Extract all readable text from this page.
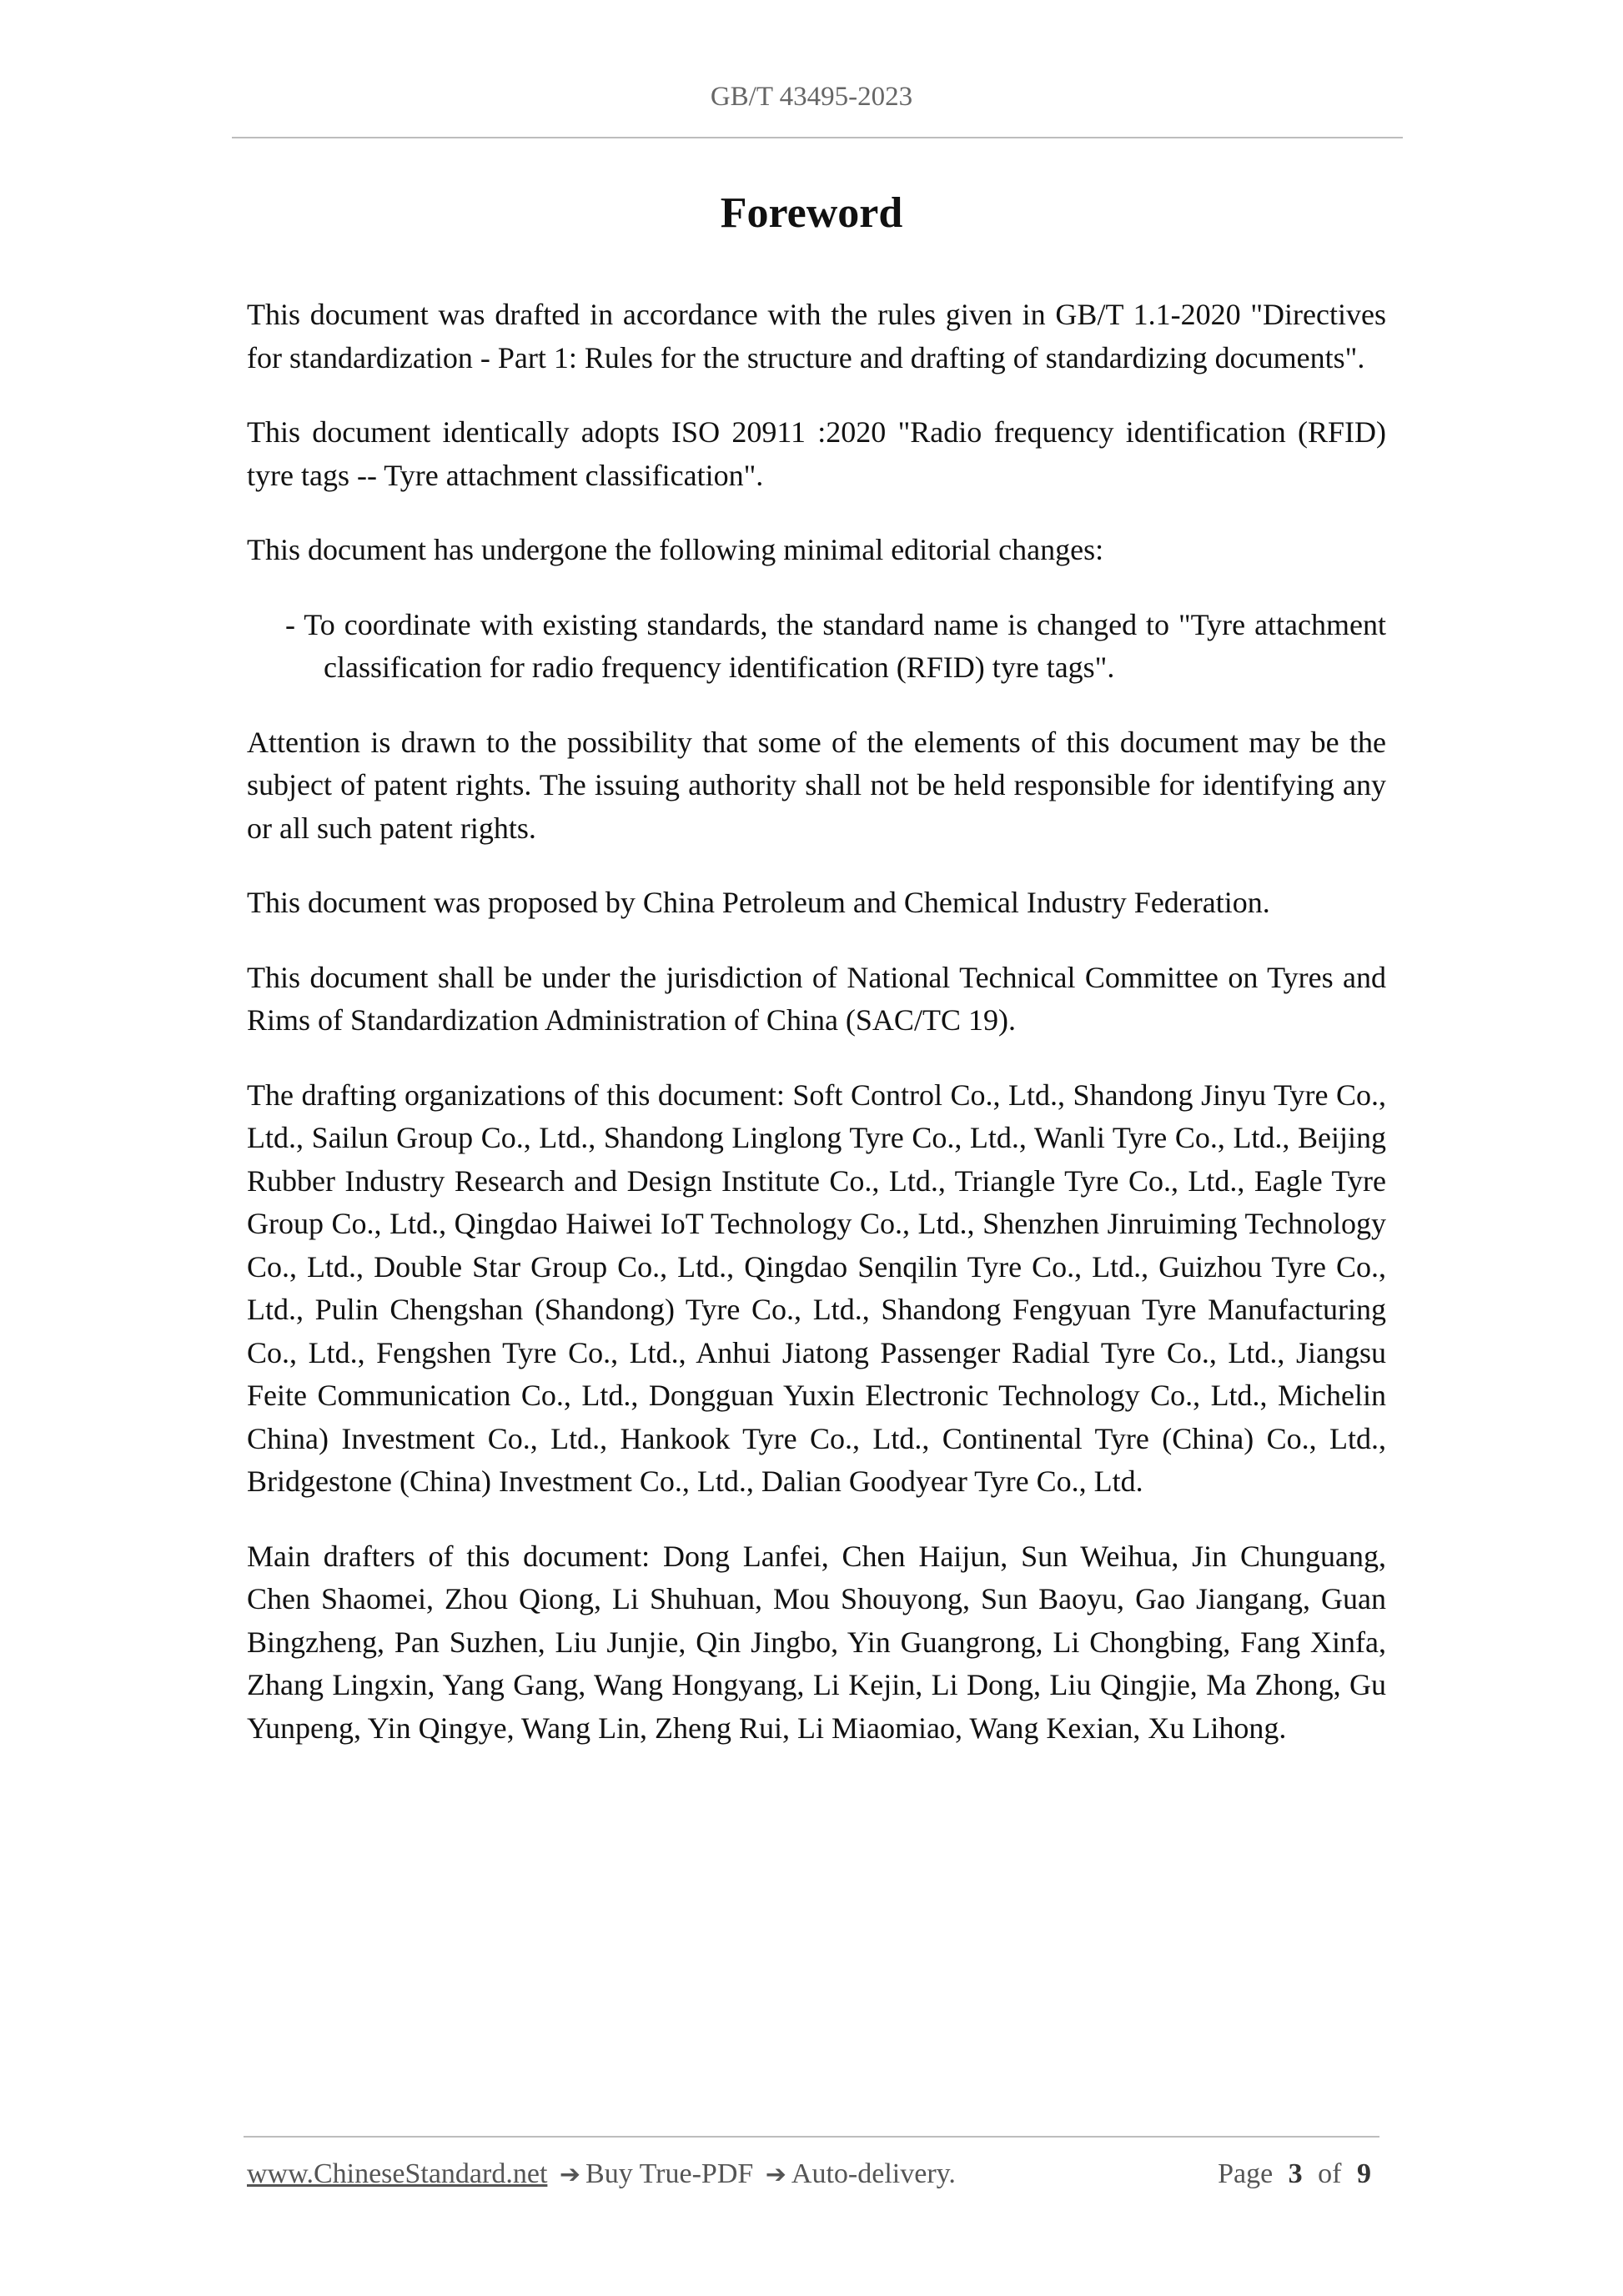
GB/T 43495-2023
Foreword

This document was drafted in accordance with the rules given in GB/T 1.1-2020 "Directives for standardization - Part 1: Rules for the structure and drafting of standardizing documents".

This document identically adopts ISO 20911 :2020 "Radio frequency identification (RFID) tyre tags -- Tyre attachment classification".

This document has undergone the following minimal editorial changes:

- To coordinate with existing standards, the standard name is changed to "Tyre attachment classification for radio frequency identification (RFID) tyre tags".

Attention is drawn to the possibility that some of the elements of this document may be the subject of patent rights. The issuing authority shall not be held responsible for identifying any or all such patent rights.

This document was proposed by China Petroleum and Chemical Industry Federation.

This document shall be under the jurisdiction of National Technical Committee on Tyres and Rims of Standardization Administration of China (SAC/TC 19).

The drafting organizations of this document: Soft Control Co., Ltd., Shandong Jinyu Tyre Co., Ltd., Sailun Group Co., Ltd., Shandong Linglong Tyre Co., Ltd., Wanli Tyre Co., Ltd., Beijing Rubber Industry Research and Design Institute Co., Ltd., Triangle Tyre Co., Ltd., Eagle Tyre Group Co., Ltd., Qingdao Haiwei IoT Technology Co., Ltd., Shenzhen Jinruiming Technology Co., Ltd., Double Star Group Co., Ltd., Qingdao Senqilin Tyre Co., Ltd., Guizhou Tyre Co., Ltd., Pulin Chengshan (Shandong) Tyre Co., Ltd., Shandong Fengyuan Tyre Manufacturing Co., Ltd., Fengshen Tyre Co., Ltd., Anhui Jiatong Passenger Radial Tyre Co., Ltd., Jiangsu Feite Communication Co., Ltd., Dongguan Yuxin Electronic Technology Co., Ltd., Michelin China) Investment Co., Ltd., Hankook Tyre Co., Ltd., Continental Tyre (China) Co., Ltd., Bridgestone (China) Investment Co., Ltd., Dalian Goodyear Tyre Co., Ltd.

Main drafters of this document: Dong Lanfei, Chen Haijun, Sun Weihua, Jin Chunguang, Chen Shaomei, Zhou Qiong, Li Shuhuan, Mou Shouyong, Sun Baoyu, Gao Jiangang, Guan Bingzheng, Pan Suzhen, Liu Junjie, Qin Jingbo, Yin Guangrong, Li Chongbing, Fang Xinfa, Zhang Lingxin, Yang Gang, Wang Hongyang, Li Kejin, Li Dong, Liu Qingjie, Ma Zhong, Gu Yunpeng, Yin Qingye, Wang Lin, Zheng Rui, Li Miaomiao, Wang Kexian, Xu Lihong.

www.ChineseStandard.net ➔ Buy True-PDF ➔ Auto-delivery.	Page 3 of 9
